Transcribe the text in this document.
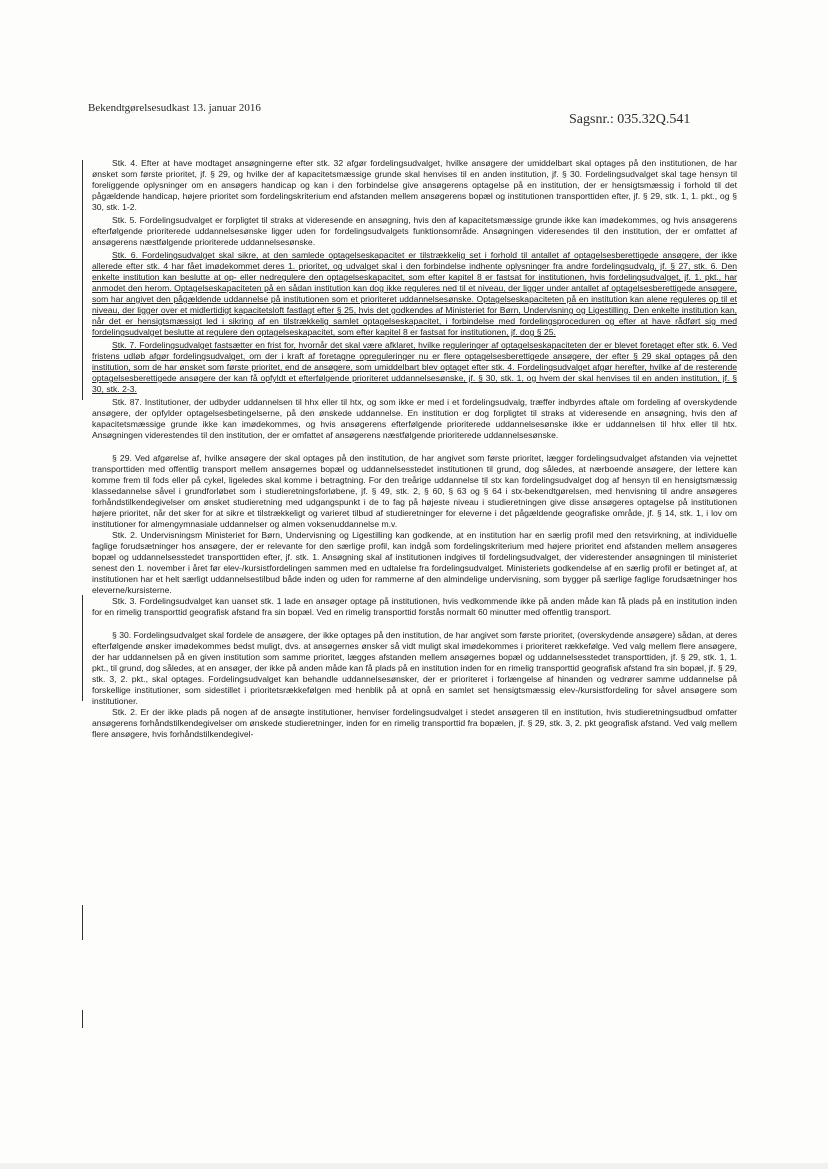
Bekendtgørelsesudkast 13. januar 2016
Sagsnr.: 035.32Q.541

Stk. 4. Efter at have modtaget ansøgningerne efter stk. 32 afgør fordelingsudvalget, hvilke ansøgere der umiddelbart skal optages på den institutionen, de har ønsket som første prioritet, jf. § 29, og hvilke der af kapacitetsmæssige grunde skal henvises til en anden institution, jf. § 30. Fordelingsudvalget skal tage hensyn til foreliggende oplysninger om en ansøgers handicap og kan i den forbindelse give ansøgerens optagelse på en institution, der er hensigtsmæssig i forhold til det pågældende handicap, højere prioritet som fordelingskriterium end afstanden mellem ansøgerens bopæl og institutionen transporttiden efter, jf. § 29, stk. 1, 1. pkt., og § 30, stk. 1-2.

Stk. 5. Fordelingsudvalget er forpligtet til straks at videresende en ansøgning, hvis den af kapacitetsmæssige grunde ikke kan imødekommes, og hvis ansøgerens efterfølgende prioriterede uddannelsesønske ligger uden for fordelingsudvalgets funktionsområde. Ansøgningen videresendes til den institution, der er omfattet af ansøgerens næstfølgende prioriterede uddannelsesønske.

Stk. 6. Fordelingsudvalget skal sikre, at den samlede optagelseskapacitet er tilstrækkelig set i forhold til antallet af optagelsesberettigede ansøgere, der ikke allerede efter stk. 4 har fået imødekommet deres 1. prioritet, og udvalget skal i den forbindelse indhente oplysninger fra andre fordelingsudvalg, jf. § 27, stk. 6. Den enkelte institution kan beslutte at op- eller nedregulere den optagelseskapacitet, som efter kapitel 8 er fastsat for institutionen, hvis fordelingsudvalget, jf. 1. pkt., har anmodet den herom. Optagelseskapaciteten på en sådan institution kan dog ikke reguleres ned til et niveau, der ligger under antallet af optagelsesberettigede ansøgere, som har angivet den pågældende uddannelse på institutionen som et prioriteret uddannelsesønske. Optagelseskapaciteten på en institution kan alene reguleres op til et niveau, der ligger over et midlertidigt kapacitetsloft fastlagt efter § 25, hvis det godkendes af Ministeriet for Børn, Undervisning og Ligestilling. Den enkelte institution kan, når det er hensigtsmæssigt led i sikring af en tilstrækkelig samlet optagelseskapacitet, i forbindelse med fordelingsproceduren og efter at have rådført sig med fordelingsudvalget beslutte at regulere den optagelseskapacitet, som efter kapitel 8 er fastsat for institutionen, jf. dog § 25.

Stk. 7. Fordelingsudvalget fastsætter en frist for, hvornår det skal være afklaret, hvilke reguleringer af optagelseskapaciteten der er blevet foretaget efter stk. 6. Ved fristens udløb afgør fordelingsudvalget, om der i kraft af foretagne opreguleringer nu er flere optagelsesberettigede ansøgere, der efter § 29 skal optages på den institution, som de har ønsket som første prioritet, end de ansøgere, som umiddelbart blev optaget efter stk. 4. Fordelingsudvalget afgør herefter, hvilke af de resterende optagelsesberettigede ansøgere der kan få opfyldt et efterfølgende prioriteret uddannelsesønske, jf. § 30, stk. 1, og hvem der skal henvises til en anden institution, jf. § 30, stk. 2-3.

Stk. 87. Institutioner, der udbyder uddannelsen til hhx eller til htx, og som ikke er med i et fordelingsudvalg, træffer indbyrdes aftale om fordeling af overskydende ansøgere, der opfylder optagelsesbetingelserne, på den ønskede uddannelse. En institution er dog forpligtet til straks at videresende en ansøgning, hvis den af kapacitetsmæssige grunde ikke kan imødekommes, og hvis ansøgerens efterfølgende prioriterede uddannelsesønske ikke er uddannelsen til hhx eller til htx. Ansøgningen viderestendes til den institution, der er omfattet af ansøgerens næstfølgende prioriterede uddannelsesønske.

§ 29. Ved afgørelse af, hvilke ansøgere der skal optages på den institution, de har angivet som første prioritet, lægger fordelingsudvalget afstanden via vejnettet transporttiden med offentlig transport mellem ansøgernes bopæl og uddannelsesstedet institutionen til grund, dog således, at nærboende ansøgere, der lettere kan komme frem til fods eller på cykel, ligeledes skal komme i betragtning. For den treårige uddannelse til stx kan fordelingsudvalget dog af hensyn til en hensigtsmæssig klassedannelse såvel i grundforløbet som i studieretningsforløbene, jf. § 49, stk. 2, § 60, § 63 og § 64 i stx-bekendtgørelsen, med henvisning til andre ansøgeres forhåndstilkendegivelser om ønsket studieretning med udgangspunkt i de to fag på højeste niveau i studieretningen give disse ansøgeres optagelse på institutionen højere prioritet, når det sker for at sikre et tilstrækkeligt og varieret tilbud af studieretninger for eleverne i det pågældende geografiske område, jf. § 14, stk. 1, i lov om institutioner for almengymnasiale uddannelser og almen voksenuddannelse m.v.

Stk. 2. Undervisningsm Ministeriet for Børn, Undervisning og Ligestilling kan godkende, at en institution har en særlig profil med den retsvirkning, at individuelle faglige forudsætninger hos ansøgere, der er relevante for den særlige profil, kan indgå som fordelingskriterium med højere prioritet end afstanden mellem ansøgeres bopæl og uddannelsesstedet transporttiden efter, jf. stk. 1. Ansøgning skal af institutionen indgives til fordelingsudvalget, der viderestender ansøgningen til ministeriet senest den 1. november i året før elev-/kursistfordelingen sammen med en udtalelse fra fordelingsudvalget. Ministeriets godkendelse af en særlig profil er betinget af, at institutionen har et helt særligt uddannelsestilbud både inden og uden for rammerne af den almindelige undervisning, som bygger på særlige faglige forudsætninger hos eleverne/kursisterne.

Stk. 3. Fordelingsudvalget kan uanset stk. 1 lade en ansøger optage på institutionen, hvis vedkommende ikke på anden måde kan få plads på en institution inden for en rimelig transporttid geografisk afstand fra sin bopæl. Ved en rimelig transporttid forstås normalt 60 minutter med offentlig transport.

§ 30. Fordelingsudvalget skal fordele de ansøgere, der ikke optages på den institution, de har angivet som første prioritet, (overskydende ansøgere) sådan, at deres efterfølgende ønsker imødekommes bedst muligt, dvs. at ansøgernes ønsker så vidt muligt skal imødekommes i prioriteret rækkefølge. Ved valg mellem flere ansøgere, der har uddannelsen på en given institution som samme prioritet, lægges afstanden mellem ansøgernes bopæl og uddannelsesstedet transporttiden, jf. § 29, stk. 1, 1. pkt., til grund, dog således, at en ansøger, der ikke på anden måde kan få plads på en institution inden for en rimelig transporttid geografisk afstand fra sin bopæl, jf. § 29, stk. 3, 2. pkt., skal optages. Fordelingsudvalget kan behandle uddannelsesønsker, der er prioriteret i forlængelse af hinanden og vedrører samme uddannelse på forskellige institutioner, som sidestillet i prioritetsrækkefølgen med henblik på at opnå en samlet set hensigtsmæssig elev-/kursistfordeling for såvel ansøgere som institutioner.

Stk. 2. Er der ikke plads på nogen af de ansøgte institutioner, henviser fordelingsudvalget i stedet ansøgeren til en institution, hvis studieretningsudbud omfatter ansøgerens forhåndstilkendegivelser om ønskede studieretninger, inden for en rimelig transporttid fra bopælen, jf. § 29, stk. 3, 2. pkt geografisk afstand. Ved valg mellem flere ansøgere, hvis forhåndstilkendegivel-
